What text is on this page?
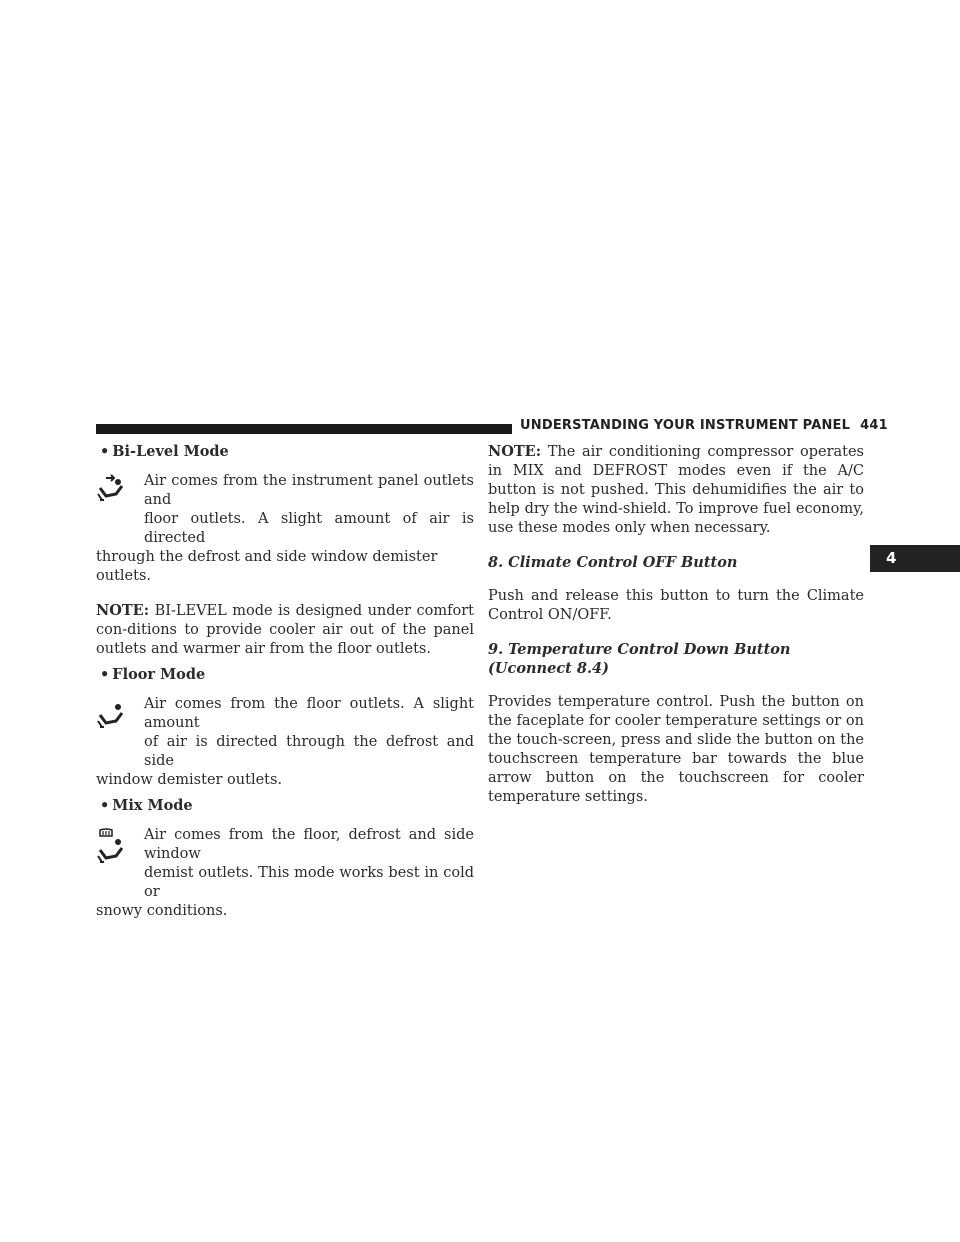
UNDERSTANDING YOUR INSTRUMENT PANEL 441
4
• Bi-Level Mode

Air comes from the instrument panel outlets and

floor outlets. A slight amount of air is directed

through the defrost and side window demister outlets.

NOTE: BI-LEVEL mode is designed under comfort con-ditions to provide cooler air out of the panel outlets and warmer air from the floor outlets.

• Floor Mode

Air comes from the floor outlets. A slight amount

of air is directed through the defrost and side

window demister outlets.

• Mix Mode

Air comes from the floor, defrost and side window

demist outlets. This mode works best in cold or

snowy conditions.

NOTE: The air conditioning compressor operates in MIX and DEFROST modes even if the A/C button is not pushed. This dehumidifies the air to help dry the wind-shield. To improve fuel economy, use these modes only when necessary.

8. Climate Control OFF Button

Push and release this button to turn the Climate Control ON/OFF.

9. Temperature Control Down Button (Uconnect 8.4)

Provides temperature control. Push the button on the faceplate for cooler temperature settings or on the touch-screen, press and slide the button on the touchscreen temperature bar towards the blue arrow button on the touchscreen for cooler temperature settings.
